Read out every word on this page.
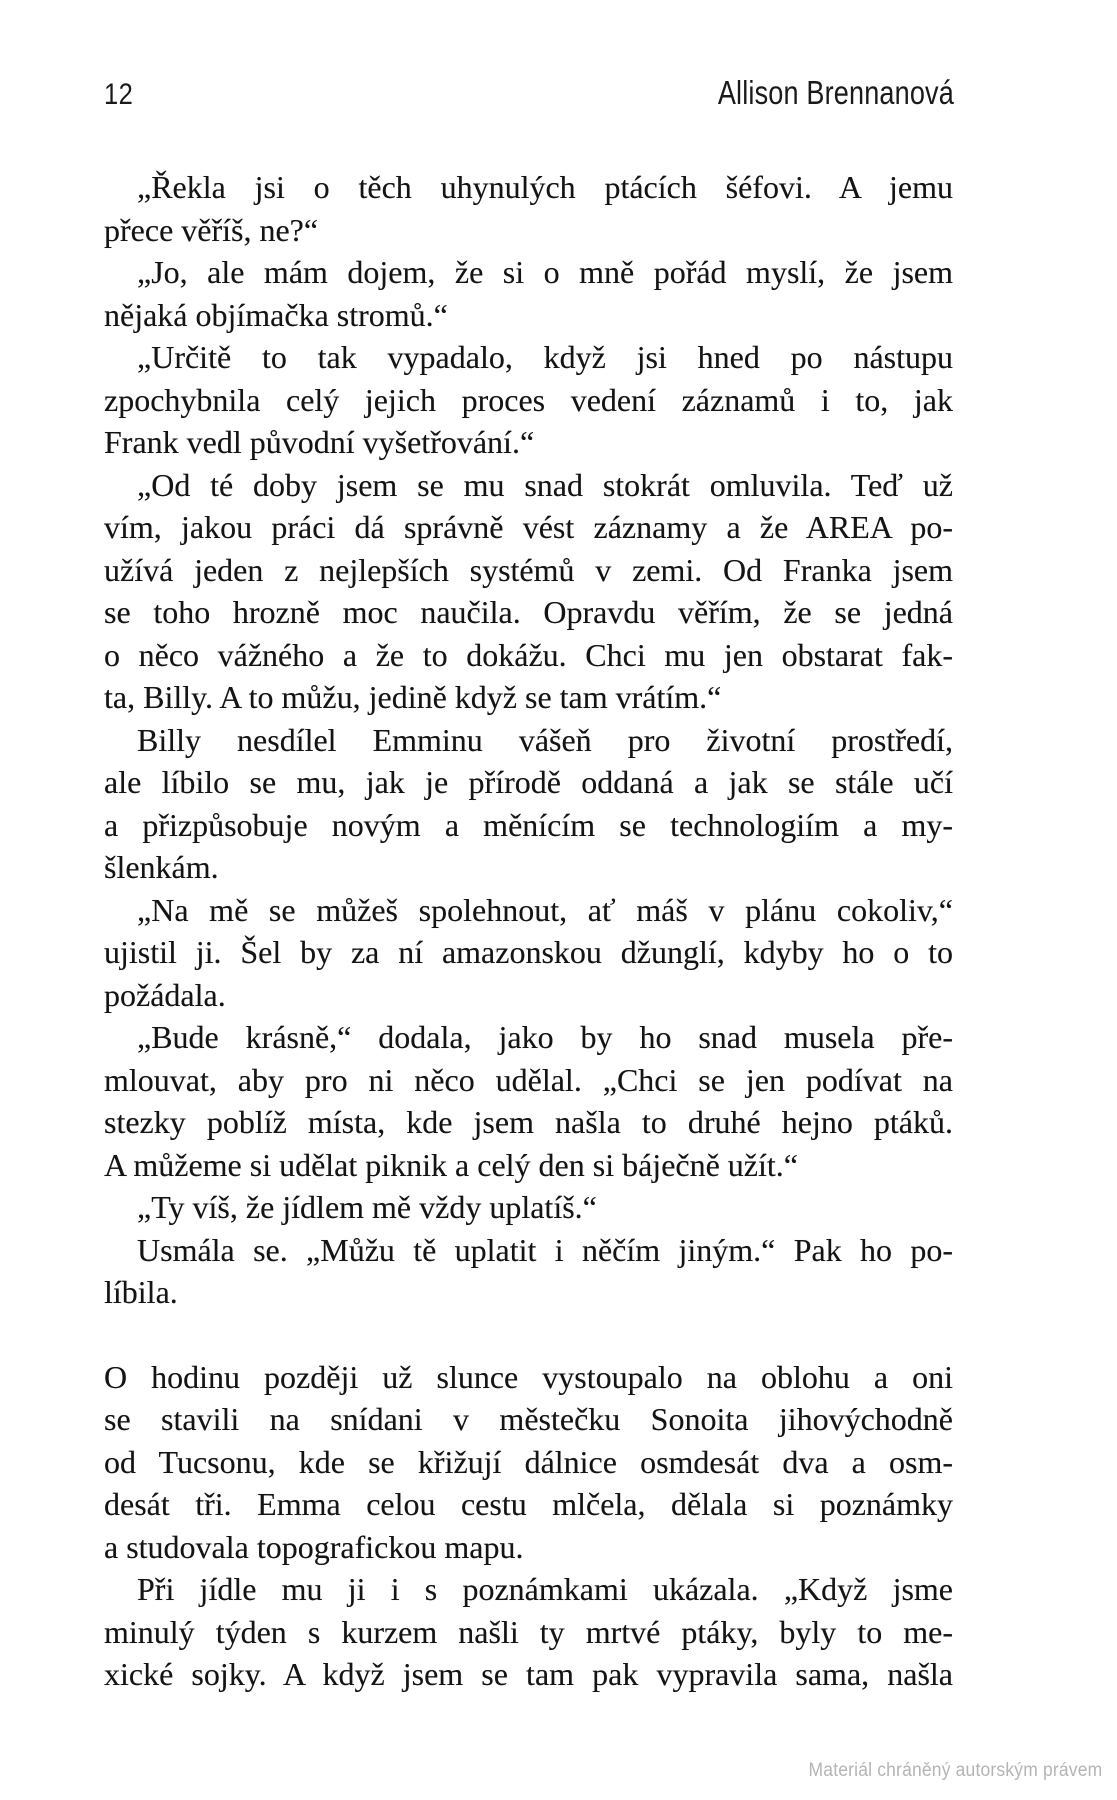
12	Allison Brennanová
„Řekla jsi o těch uhynulých ptácích šéfovi. A jemu
přece věříš, ne?“
„Jo, ale mám dojem, že si o mně pořád myslí, že jsem
nějaká objímačka stromů.“
„Určitě to tak vypadalo, když jsi hned po nástupu
zpochybnila celý jejich proces vedení záznamů i to, jak
Frank vedl původní vyšetřování.“
„Od té doby jsem se mu snad stokrát omluvila. Teď už
vím, jakou práci dá správně vést záznamy a že AREA po-
užívá jeden z nejlepších systémů v zemi. Od Franka jsem
se toho hrozně moc naučila. Opravdu věřím, že se jedná
o něco vážného a že to dokážu. Chci mu jen obstarat fak-
ta, Billy. A to můžu, jedině když se tam vrátím.“
Billy nesdílel Emminu vášeň pro životní prostředí,
ale líbilo se mu, jak je přírodě oddaná a jak se stále učí
a přizpůsobuje novým a měnícím se technologiím a my-
šlenkám.
„Na mě se můžeš spolehnout, ať máš v plánu cokoliv,“
ujistil ji. Šel by za ní amazonskou džunglí, kdyby ho o to
požádala.
„Bude krásně,“ dodala, jako by ho snad musela pře-
mlouvat, aby pro ni něco udělal. „Chci se jen podívat na
stezky poblíž místa, kde jsem našla to druhé hejno ptáků.
A můžeme si udělat piknik a celý den si báječně užít.“
„Ty víš, že jídlem mě vždy uplatíš.“
Usmála se. „Můžu tě uplatit i něčím jiným.“ Pak ho po-
líbila.
O hodinu později už slunce vystoupalo na oblohu a oni
se stavili na snídani v městečku Sonoita jihovýchodně
od Tucsonu, kde se křižují dálnice osmdesát dva a osm-
desát tři. Emma celou cestu mlčela, dělala si poznámky
a studovala topografickou mapu.
Při jídle mu ji i s poznámkami ukázala. „Když jsme
minulý týden s kurzem našli ty mrtvé ptáky, byly to me-
xické sojky. A když jsem se tam pak vypravila sama, našla
Materiál chráněný autorským právem
